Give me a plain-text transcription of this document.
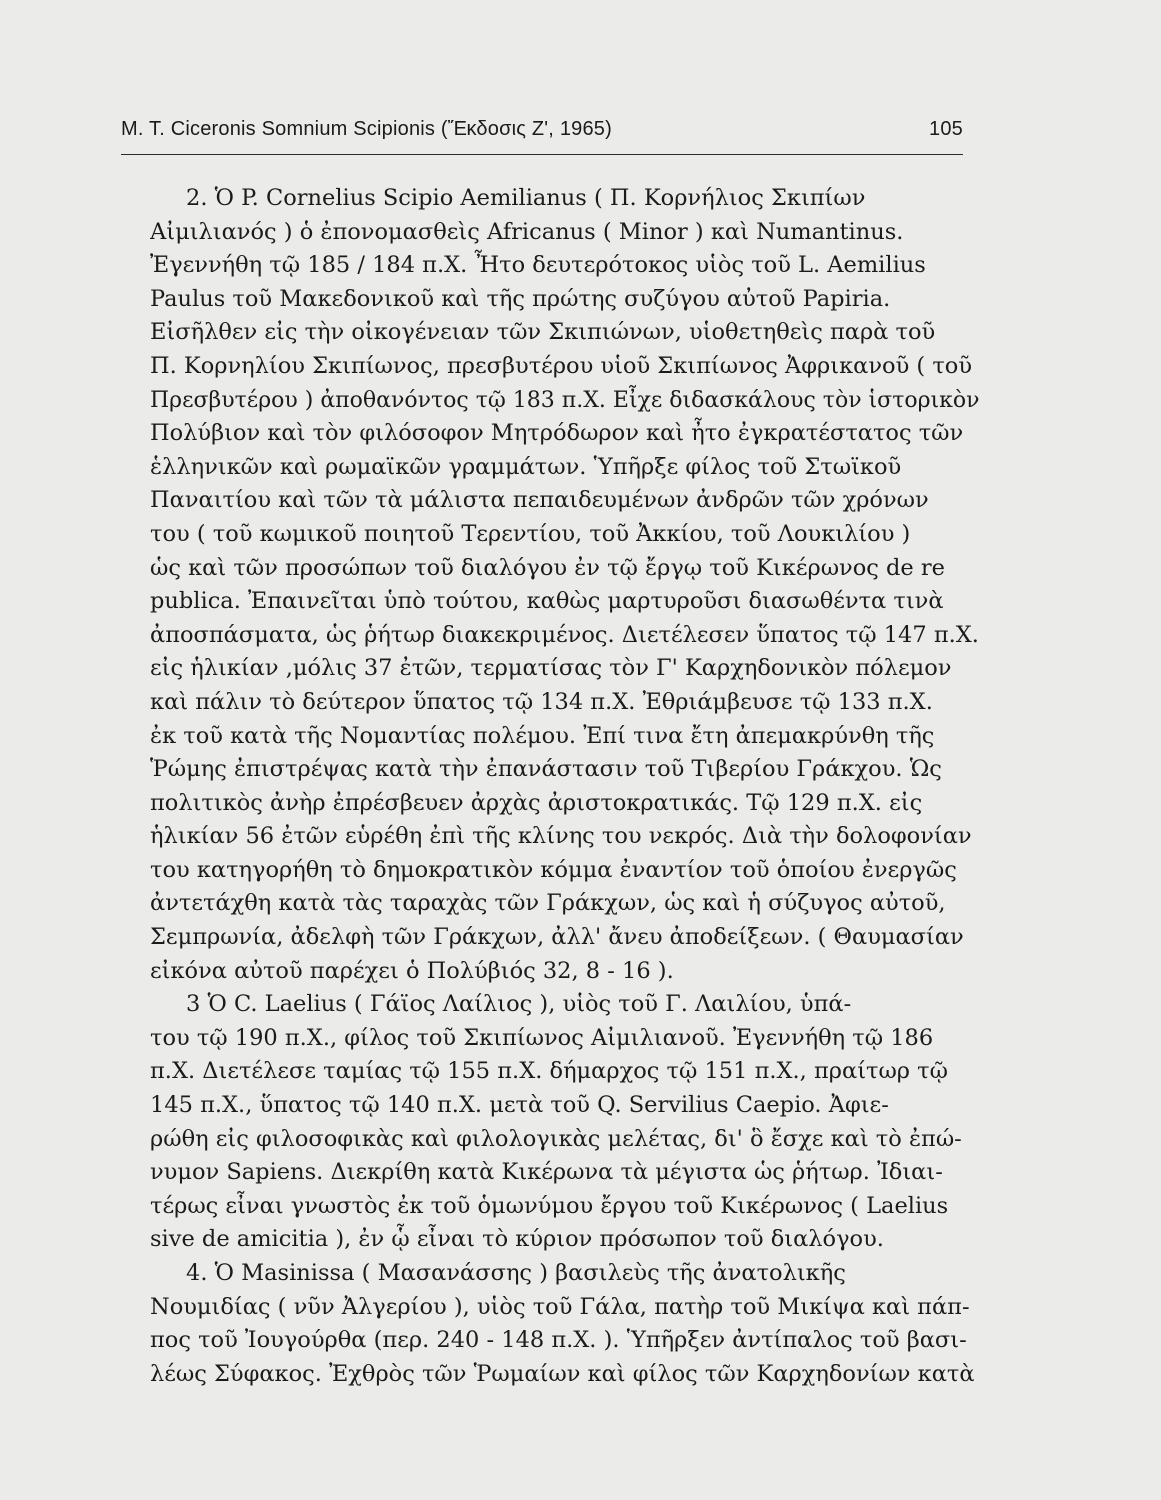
M. T. Ciceronis Somnium Scipionis (Ἔκδοσις Ζ', 1965)	105
2. Ὁ P. Cornelius Scipio Aemilianus ( Π. Κορνήλιος Σκιπίων
Αἰμιλιανός ) ὁ ἐπονομασθεὶς Africanus ( Minor ) καὶ Numantinus.
Ἐγεννήθη τῷ 185 / 184 π.Χ. Ἦτο δευτερότοκος υἱὸς τοῦ L. Aemilius
Paulus τοῦ Μακεδονικοῦ καὶ τῆς πρώτης συζύγου αὐτοῦ Papiria.
Εἰσῆλθεν εἰς τὴν οἰκογένειαν τῶν Σκιπιώνων, υἱοθετηθεὶς παρὰ τοῦ
Π. Κορνηλίου Σκιπίωνος, πρεσβυτέρου υἱοῦ Σκιπίωνος Ἀφρικανοῦ ( τοῦ
Πρεσβυτέρου ) ἀποθανόντος τῷ 183 π.Χ. Εἶχε διδασκάλους τὸν ἱστορικὸν
Πολύβιον καὶ τὸν φιλόσοφον Μητρόδωρον καὶ ἦτο ἐγκρατέστατος τῶν
ἑλληνικῶν καὶ ρωμαϊκῶν γραμμάτων. Ὑπῆρξε φίλος τοῦ Στωϊκοῦ
Παναιτίου καὶ τῶν τὰ μάλιστα πεπαιδευμένων ἀνδρῶν τῶν χρόνων
του ( τοῦ κωμικοῦ ποιητοῦ Τερεντίου, τοῦ Ἀκκίου, τοῦ Λουκιλίου )
ὡς καὶ τῶν προσώπων τοῦ διαλόγου ἐν τῷ ἔργῳ τοῦ Κικέρωνος de re
publica. Ἐπαινεῖται ὑπὸ τούτου, καθὼς μαρτυροῦσι διασωθέντα τινὰ
ἀποσπάσματα, ὡς ῥήτωρ διακεκριμένος. Διετέλεσεν ὕπατος τῷ 147 π.Χ.
εἰς ἡλικίαν ,μόλις 37 ἐτῶν, τερματίσας τὸν Γ' Καρχηδονικὸν πόλεμον
καὶ πάλιν τὸ δεύτερον ὕπατος τῷ 134 π.Χ. Ἐθριάμβευσε τῷ 133 π.Χ.
ἐκ τοῦ κατὰ τῆς Νομαντίας πολέμου. Ἐπί τινα ἔτη ἀπεμακρύνθη τῆς
Ῥώμης ἐπιστρέψας κατὰ τὴν ἐπανάστασιν τοῦ Τιβερίου Γράκχου. Ὡς
πολιτικὸς ἀνὴρ ἐπρέσβευεν ἀρχὰς ἀριστοκρατικάς. Τῷ 129 π.Χ. εἰς
ἡλικίαν 56 ἐτῶν εὑρέθη ἐπὶ τῆς κλίνης του νεκρός. Διὰ τὴν δολοφονίαν
του κατηγορήθη τὸ δημοκρατικὸν κόμμα ἐναντίον τοῦ ὁποίου ἐνεργῶς
ἀντετάχθη κατὰ τὰς ταραχὰς τῶν Γράκχων, ὡς καὶ ἡ σύζυγος αὐτοῦ,
Σεμπρωνία, ἀδελφὴ τῶν Γράκχων, ἀλλ' ἄνευ ἀποδείξεων. ( Θαυμασίαν
εἰκόνα αὐτοῦ παρέχει ὁ Πολύβιός 32, 8 - 16 ).
3 Ὁ C. Laelius ( Γάϊος Λαίλιος ), υἱὸς τοῦ Γ. Λαιλίου, ὑπά-
του τῷ 190 π.Χ., φίλος τοῦ Σκιπίωνος Αἰμιλιανοῦ. Ἐγεννήθη τῷ 186
π.Χ. Διετέλεσε ταμίας τῷ 155 π.Χ. δήμαρχος τῷ 151 π.Χ., πραίτωρ τῷ
145 π.Χ., ὕπατος τῷ 140 π.Χ. μετὰ τοῦ Q. Servilius Caepio. Ἀφιε-
ρώθη εἰς φιλοσοφικὰς καὶ φιλολογικὰς μελέτας, δι' ὃ ἔσχε καὶ τὸ ἐπώ-
νυμον Sapiens. Διεκρίθη κατὰ Κικέρωνα τὰ μέγιστα ὡς ῥήτωρ. Ἰδιαι-
τέρως εἶναι γνωστὸς ἐκ τοῦ ὁμωνύμου ἔργου τοῦ Κικέρωνος ( Laelius
sive de amicitia ), ἐν ᾧ εἶναι τὸ κύριον πρόσωπον τοῦ διαλόγου.
4. Ὁ Masinissa ( Μασανάσσης ) βασιλεὺς τῆς ἀνατολικῆς
Νουμιδίας ( νῦν Ἀλγερίου ), υἱὸς τοῦ Γάλα, πατὴρ τοῦ Μικίψα καὶ πάπ-
πος τοῦ Ἰουγούρθα (περ. 240 - 148 π.Χ. ). Ὑπῆρξεν ἀντίπαλος τοῦ βασι-
λέως Σύφακος. Ἐχθρὸς τῶν Ῥωμαίων καὶ φίλος τῶν Καρχηδονίων κατὰ
